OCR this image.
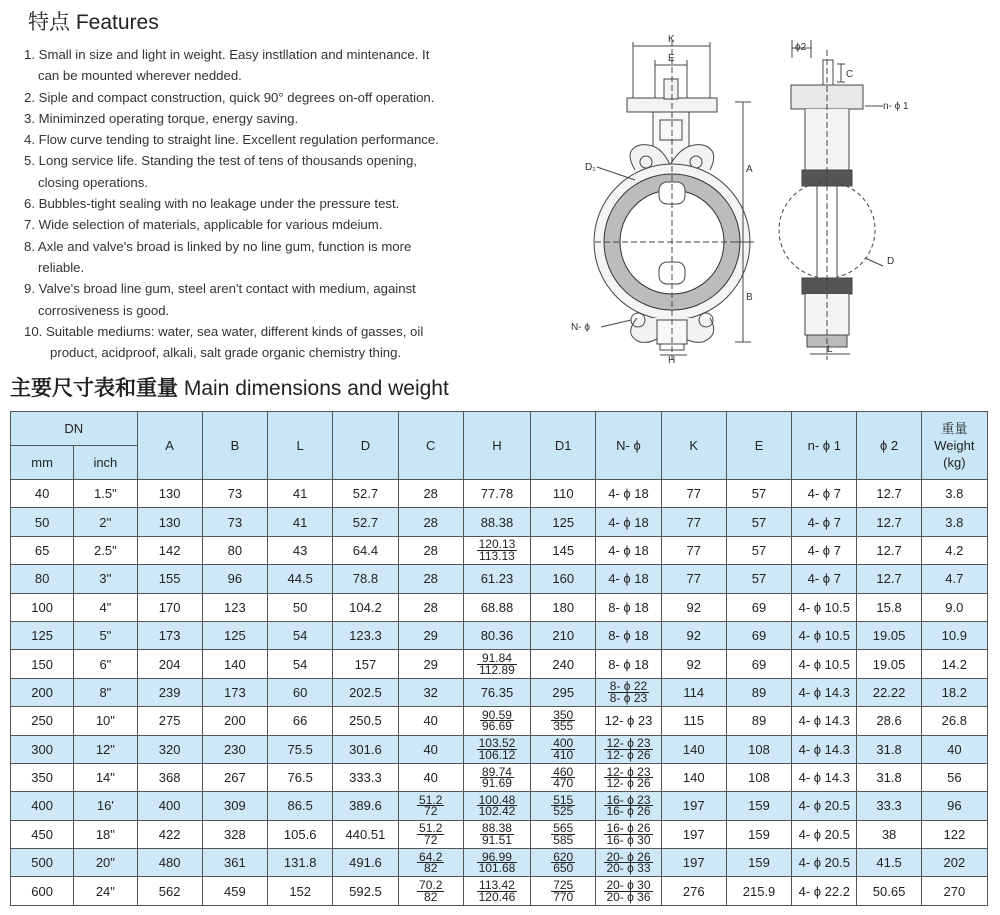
特点 Features
1. Small in size and light in weight. Easy instllation and mintenance. It
can be mounted wherever nedded.
2. Siple and compact construction, quick 90° degrees on-off operation.
3. Miniminzed operating torque, energy saving.
4. Flow curve tending to straight line. Excellent regulation performance.
5. Long service life. Standing the test of tens of thousands opening,
closing operations.
6. Bubbles-tight sealing with no leakage under the pressure test.
7. Wide selection of materials, applicable for various mdeium.
8. Axle and valve's broad is linked by no line gum, function is more
reliable.
9. Valve's broad line gum, steel aren't contact with medium, against
corrosiveness is good.
10. Suitable mediums: water, sea water, different kinds of gasses, oil
product, acidproof, alkali, salt grade organic chemistry thing.
K
E
A
B
H
D₁
N- ϕ
ϕ2
C
n- ϕ 1
D
L
主要尺寸表和重量 Main dimensions and weight
DN		A	B	L	D	C	H	D1	N- ϕ	K	E	n- ϕ 1	ϕ 2	重量
Weight
(kg)
mm	inch													
40	1.5"	130	73	41	52.7	28	77.78	110	4- ϕ 18	77	57	4- ϕ 7	12.7	3.8
50	2''	130	73	41	52.7	28	88.38	125	4- ϕ 18	77	57	4- ϕ 7	12.7	3.8
65	2.5"	142	80	43	64.4	28	$\frac{120.13}{113.13}$	145	4- ϕ 18	77	57	4- ϕ 7	12.7	4.2
80	3''	155	96	44.5	78.8	28	61.23	160	4- ϕ 18	77	57	4- ϕ 7	12.7	4.7
100	4"	170	123	50	104.2	28	68.88	180	8- ϕ 18	92	69	4- ϕ 10.5	15.8	9.0
125	5"	173	125	54	123.3	29	80.36	210	8- ϕ 18	92	69	4- ϕ 10.5	19.05	10.9
150	6"	204	140	54	157	29	$\frac{91.84}{112.89}$	240	8- ϕ 18	92	69	4- ϕ 10.5	19.05	14.2
200	8"	239	173	60	202.5	32	76.35	295	$\frac{8- \phi 22}{8- \phi 23}$	114	89	4- ϕ 14.3	22.22	18.2
250	10"	275	200	66	250.5	40	$\frac{90.59}{96.69}$	$\frac{350}{355}$	12- ϕ 23	115	89	4- ϕ 14.3	28.6	26.8
300	12"	320	230	75.5	301.6	40	$\frac{103.52}{106.12}$	$\frac{400}{410}$	$\frac{12- \phi 23}{12- \phi 26}$	140	108	4- ϕ 14.3	31.8	40
350	14"	368	267	76.5	333.3	40	$\frac{89.74}{91.69}$	$\frac{460}{470}$	$\frac{12- \phi 23}{12- \phi 26}$	140	108	4- ϕ 14.3	31.8	56
400	16'	400	309	86.5	389.6	$\frac{51.2}{72}$	$\frac{100.48}{102.42}$	$\frac{515}{525}$	$\frac{16- \phi 23}{16- \phi 26}$	197	159	4- ϕ 20.5	33.3	96
450	18"	422	328	105.6	440.51	$\frac{51.2}{72}$	$\frac{88.38}{91.51}$	$\frac{565}{585}$	$\frac{16- \phi 26}{16- \phi 30}$	197	159	4- ϕ 20.5	38	122
500	20"	480	361	131.8	491.6	$\frac{64.2}{82}$	$\frac{96.99}{101.68}$	$\frac{620}{650}$	$\frac{20- \phi 26}{20- \phi 33}$	197	159	4- ϕ 20.5	41.5	202
600	24"	562	459	152	592.5	$\frac{70.2}{82}$	$\frac{113.42}{120.46}$	$\frac{725}{770}$	$\frac{20- \phi 30}{20- \phi 36}$	276	215.9	4- ϕ 22.2	50.65	270
